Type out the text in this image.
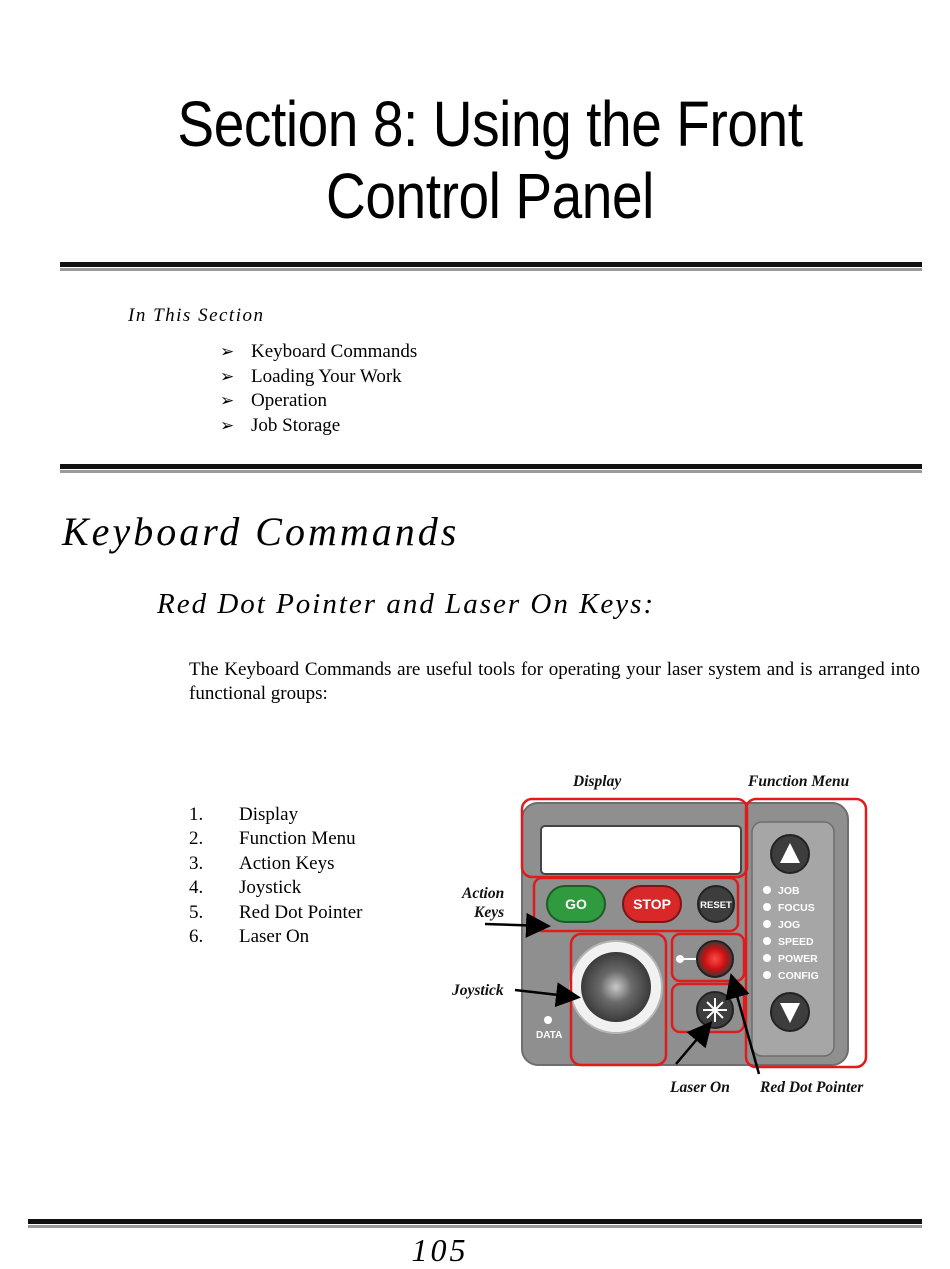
Section 8: Using the Front
Control Panel
In This Section
➢ Keyboard Commands
➢ Loading Your Work
➢ Operation
➢ Job Storage
Keyboard Commands
Red Dot Pointer and Laser On Keys:
The Keyboard Commands are useful tools for operating your laser system and is arranged into functional groups:
1. Display
2. Function Menu
3. Action Keys
4. Joystick
5. Red Dot Pointer
6. Laser On
JOB
FOCUS
JOG
SPEED
POWER
CONFIG
GO	STOP	RESET
DATA
Display	Function Menu
Action
Keys
Joystick
Laser On Red Dot Pointer
105
